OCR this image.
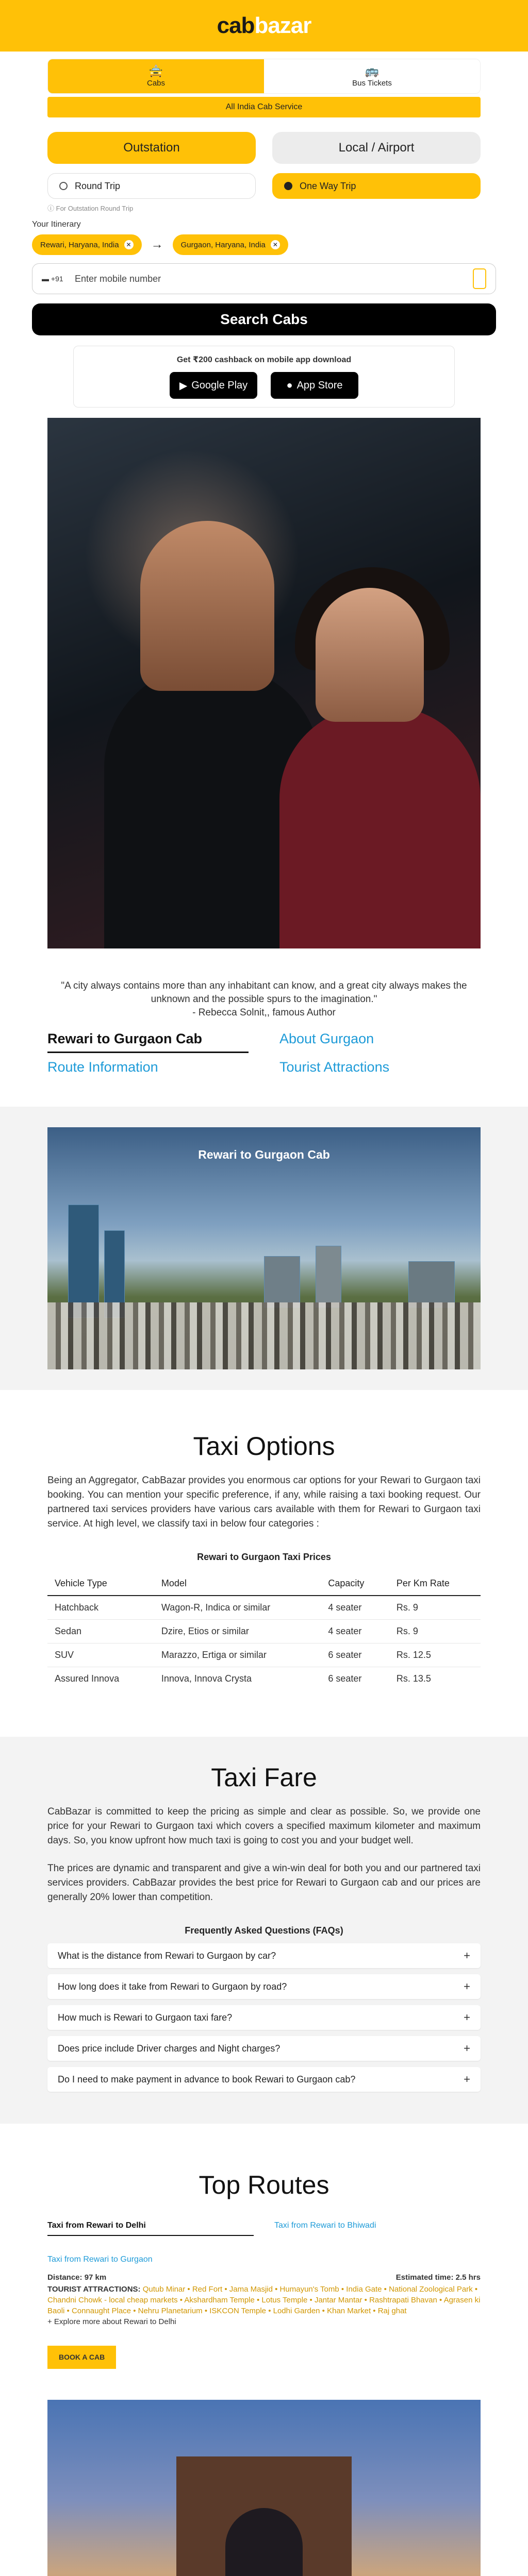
cabbazar
🚖
Cabs
🚌
Bus Tickets
All India Cab Service
Outstation	Local / Airport
Round Trip	One Way Trip
ⓘ For Outstation Round Trip
Your Itinerary
Rewari, Haryana, India	✕ → Gurgaon, Haryana, India	✕
▬ +91	Enter mobile number
Search Cabs
Get ₹200 cashback on mobile app download
▶ Google Play	● App Store
"A city always contains more than any inhabitant can know, and a great city always makes the unknown and the possible spurs to the imagination."
- Rebecca Solnit,, famous Author
Rewari to Gurgaon Cab	About Gurgaon
Route Information	Tourist Attractions
Rewari to Gurgaon Cab
Taxi Options
Being an Aggregator, CabBazar provides you enormous car options for your Rewari to Gurgaon taxi booking. You can mention your specific preference, if any, while raising a taxi booking request. Our partnered taxi services providers have various cars available with them for Rewari to Gurgaon taxi service. At high level, we classify taxi in below four categories :
Rewari to Gurgaon Taxi Prices
Vehicle Type	Model	Capacity	Per Km Rate
Hatchback	Wagon-R, Indica or similar	4 seater	Rs. 9
Sedan	Dzire, Etios or similar	4 seater	Rs. 9
SUV	Marazzo, Ertiga or similar	6 seater	Rs. 12.5
Assured Innova	Innova, Innova Crysta	6 seater	Rs. 13.5
Taxi Fare
CabBazar is committed to keep the pricing as simple and clear as possible. So, we provide one price for your Rewari to Gurgaon taxi which covers a specified maximum kilometer and maximum days. So, you know upfront how much taxi is going to cost you and your budget well.
The prices are dynamic and transparent and give a win-win deal for both you and our partnered taxi services providers. CabBazar provides the best price for Rewari to Gurgaon cab and our prices are generally 20% lower than competition.
Frequently Asked Questions (FAQs)
What is the distance from Rewari to Gurgaon by car?	+
How long does it take from Rewari to Gurgaon by road?	+
How much is Rewari to Gurgaon taxi fare?	+
Does price include Driver charges and Night charges?	+
Do I need to make payment in advance to book Rewari to Gurgaon cab?	+
Top Routes
Taxi from Rewari to Delhi	Taxi from Rewari to Bhiwadi
Taxi from Rewari to Gurgaon
Distance: 97 km	Estimated time: 2.5 hrs
TOURIST ATTRACTIONS: Qutub Minar • Red Fort • Jama Masjid • Humayun's Tomb • India Gate • National Zoological Park • Chandni Chowk - local cheap markets • Akshardham Temple • Lotus Temple • Jantar Mantar • Rashtrapati Bhavan • Agrasen ki Baoli • Connaught Place • Nehru Planetarium • ISKCON Temple • Lodhi Garden • Khan Market • Raj ghat
+ Explore more about Rewari to Delhi
BOOK A CAB
